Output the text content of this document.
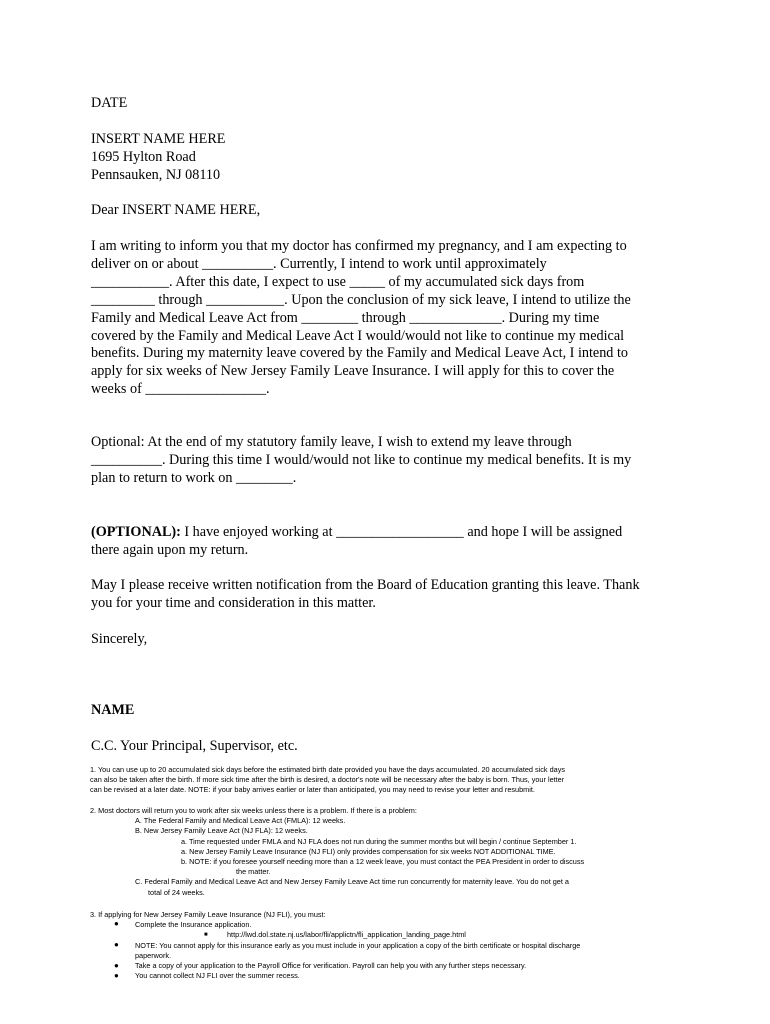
DATE
INSERT NAME HERE
1695 Hylton Road
Pennsauken, NJ 08110
Dear INSERT NAME HERE,
I am writing to inform you that my doctor has confirmed my pregnancy, and I am expecting to
deliver on or about __________. Currently, I intend to work until approximately
___________. After this date, I expect to use _____ of my accumulated sick days from
_________ through ___________. Upon the conclusion of my sick leave, I intend to utilize the
Family and Medical Leave Act from ________ through _____________. During my time
covered by the Family and Medical Leave Act I would/would not like to continue my medical
benefits. During my maternity leave covered by the Family and Medical Leave Act, I intend to
apply for six weeks of New Jersey Family Leave Insurance. I will apply for this to cover the
weeks of _________________.
Optional: At the end of my statutory family leave, I wish to extend my leave through
__________. During this time I would/would not like to continue my medical benefits. It is my
plan to return to work on ________.
(OPTIONAL): I have enjoyed working at __________________ and hope I will be assigned
there again upon my return.
May I please receive written notification from the Board of Education granting this leave. Thank
you for your time and consideration in this matter.
Sincerely,
NAME
C.C. Your Principal, Supervisor, etc.
1. You can use up to 20 accumulated sick days before the estimated birth date provided you have the days accumulated. 20 accumulated sick days
can also be taken after the birth. If more sick time after the birth is desired, a doctor's note will be necessary after the baby is born. Thus, your letter
can be revised at a later date. NOTE: if your baby arrives earlier or later than anticipated, you may need to revise your letter and resubmit.
2. Most doctors will return you to work after six weeks unless there is a problem. If there is a problem:
A. The Federal Family and Medical Leave Act (FMLA): 12 weeks.
B. New Jersey Family Leave Act (NJ FLA): 12 weeks.
a. Time requested under FMLA and NJ FLA does not run during the summer months but will begin / continue September 1.
a. New Jersey Family Leave Insurance (NJ FLI) only provides compensation for six weeks NOT ADDITIONAL TIME.
b. NOTE: if you foresee yourself needing more than a 12 week leave, you must contact the PEA President in order to discuss
the matter.
C. Federal Family and Medical Leave Act and New Jersey Family Leave Act time run concurrently for maternity leave. You do not get a
total of 24 weeks.
3. If applying for New Jersey Family Leave Insurance (NJ FLI), you must:
Complete the Insurance application.
http://lwd.dol.state.nj.us/labor/fli/applictn/fli_application_landing_page.html
NOTE: You cannot apply for this insurance early as you must include in your application a copy of the birth certificate or hospital discharge
paperwork.
Take a copy of your application to the Payroll Office for verification. Payroll can help you with any further steps necessary.
You cannot collect NJ FLI over the summer recess.
●
■
●
●
●
